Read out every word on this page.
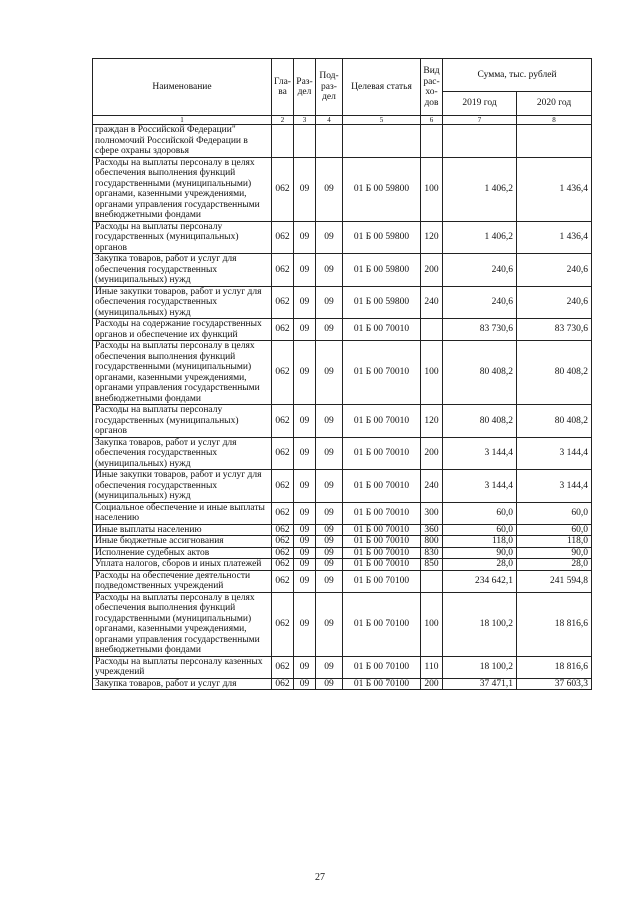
Наименование	Гла-ва	Раз-дел	Под-раз-дел	Целевая статья	Вид рас-хо-дов	Сумма, тыс. рублей	
						2019 год	2020 год
1	2	3	4	5	6	7	8
граждан в Российской Федерации" полномочий Российской Федерации в сфере охраны здоровья							
Расходы на выплаты персоналу в целях обеспечения выполнения функций государственными (муниципальными) органами, казенными учреждениями, органами управления государственными внебюджетными фондами	062	09	09	01 Б 00 59800	100	1 406,2	1 436,4
Расходы на выплаты персоналу государственных (муниципальных) органов	062	09	09	01 Б 00 59800	120	1 406,2	1 436,4
Закупка товаров, работ и услуг для обеспечения государственных (муниципальных) нужд	062	09	09	01 Б 00 59800	200	240,6	240,6
Иные закупки товаров, работ и услуг для обеспечения государственных (муниципальных) нужд	062	09	09	01 Б 00 59800	240	240,6	240,6
Расходы на содержание государственных органов и обеспечение их функций	062	09	09	01 Б 00 70010		83 730,6	83 730,6
Расходы на выплаты персоналу в целях обеспечения выполнения функций государственными (муниципальными) органами, казенными учреждениями, органами управления государственными внебюджетными фондами	062	09	09	01 Б 00 70010	100	80 408,2	80 408,2
Расходы на выплаты персоналу государственных (муниципальных) органов	062	09	09	01 Б 00 70010	120	80 408,2	80 408,2
Закупка товаров, работ и услуг для обеспечения государственных (муниципальных) нужд	062	09	09	01 Б 00 70010	200	3 144,4	3 144,4
Иные закупки товаров, работ и услуг для обеспечения государственных (муниципальных) нужд	062	09	09	01 Б 00 70010	240	3 144,4	3 144,4
Социальное обеспечение и иные выплаты населению	062	09	09	01 Б 00 70010	300	60,0	60,0
Иные выплаты населению	062	09	09	01 Б 00 70010	360	60,0	60,0
Иные бюджетные ассигнования	062	09	09	01 Б 00 70010	800	118,0	118,0
Исполнение судебных актов	062	09	09	01 Б 00 70010	830	90,0	90,0
Уплата налогов, сборов и иных платежей	062	09	09	01 Б 00 70010	850	28,0	28,0
Расходы на обеспечение деятельности подведомственных учреждений	062	09	09	01 Б 00 70100		234 642,1	241 594,8
Расходы на выплаты персоналу в целях обеспечения выполнения функций государственными (муниципальными) органами, казенными учреждениями, органами управления государственными внебюджетными фондами	062	09	09	01 Б 00 70100	100	18 100,2	18 816,6
Расходы на выплаты персоналу казенных учреждений	062	09	09	01 Б 00 70100	110	18 100,2	18 816,6
Закупка товаров, работ и услуг для	062	09	09	01 Б 00 70100	200	37 471,1	37 603,3
27
